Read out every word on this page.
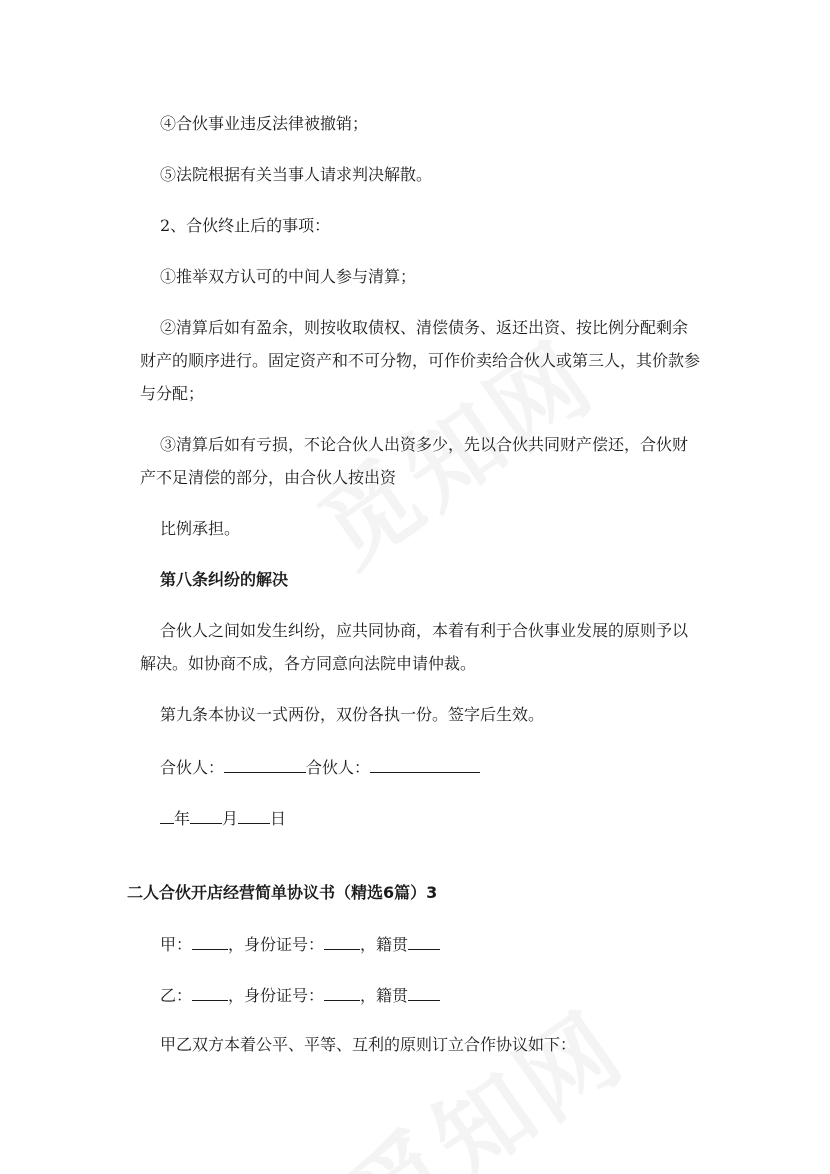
④合伙事业违反法律被撤销；
⑤法院根据有关当事人请求判决解散。
2、合伙终止后的事项：
①推举双方认可的中间人参与清算；
②清算后如有盈余，则按收取债权、清偿债务、返还出资、按比例分配剩余
财产的顺序进行。固定资产和不可分物，可作价卖给合伙人或第三人，其价款参
与分配；
③清算后如有亏损，不论合伙人出资多少，先以合伙共同财产偿还，合伙财
产不足清偿的部分，由合伙人按出资
比例承担。
第八条纠纷的解决
合伙人之间如发生纠纷，应共同协商，本着有利于合伙事业发展的原则予以
解决。如协商不成，各方同意向法院申请仲裁。
第九条本协议一式两份，双份各执一份。签字后生效。
合伙人：	合伙人：
年 月 日
二人合伙开店经营简单协议书（精选6篇）3
甲： ，身份证号： ，籍贯
乙： ，身份证号： ，籍贯
甲乙双方本着公平、平等、互利的原则订立合作协议如下：
